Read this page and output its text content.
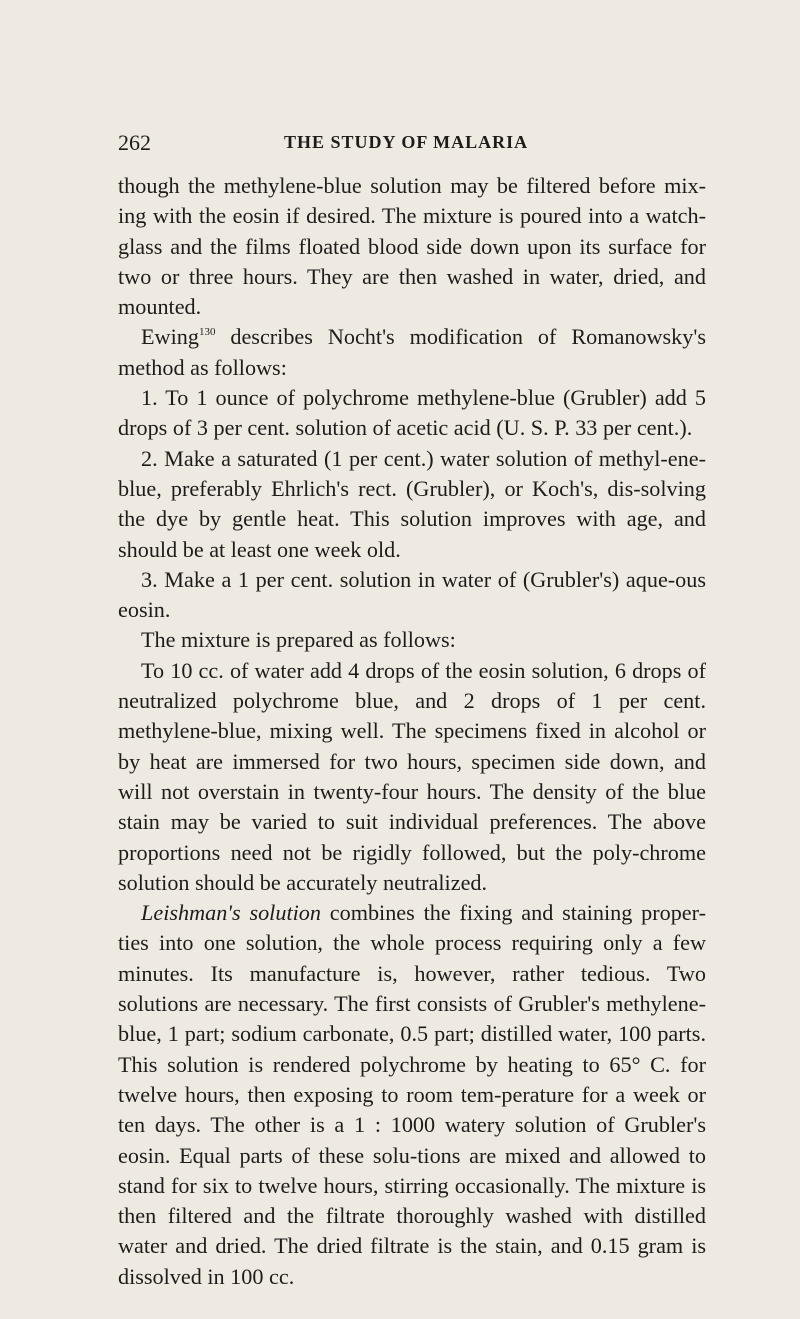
262	THE STUDY OF MALARIA

though the methylene-blue solution may be filtered before mix-ing with the eosin if desired. The mixture is poured into a watch-glass and the films floated blood side down upon its surface for two or three hours. They are then washed in water, dried, and mounted.

Ewing$^{130}$ describes Nocht's modification of Romanowsky's method as follows:

1. To 1 ounce of polychrome methylene-blue (Grubler) add 5 drops of 3 per cent. solution of acetic acid (U. S. P. 33 per cent.).

2. Make a saturated (1 per cent.) water solution of methyl-ene-blue, preferably Ehrlich's rect. (Grubler), or Koch's, dis-solving the dye by gentle heat. This solution improves with age, and should be at least one week old.

3. Make a 1 per cent. solution in water of (Grubler's) aque-ous eosin.

The mixture is prepared as follows:

To 10 cc. of water add 4 drops of the eosin solution, 6 drops of neutralized polychrome blue, and 2 drops of 1 per cent. methylene-blue, mixing well. The specimens fixed in alcohol or by heat are immersed for two hours, specimen side down, and will not overstain in twenty-four hours. The density of the blue stain may be varied to suit individual preferences. The above proportions need not be rigidly followed, but the poly-chrome solution should be accurately neutralized.

Leishman's solution combines the fixing and staining proper-ties into one solution, the whole process requiring only a few minutes. Its manufacture is, however, rather tedious. Two solutions are necessary. The first consists of Grubler's methylene-blue, 1 part; sodium carbonate, 0.5 part; distilled water, 100 parts. This solution is rendered polychrome by heating to 65° C. for twelve hours, then exposing to room tem-perature for a week or ten days. The other is a 1 : 1000 watery solution of Grubler's eosin. Equal parts of these solu-tions are mixed and allowed to stand for six to twelve hours, stirring occasionally. The mixture is then filtered and the filtrate thoroughly washed with distilled water and dried. The dried filtrate is the stain, and 0.15 gram is dissolved in 100 cc.
